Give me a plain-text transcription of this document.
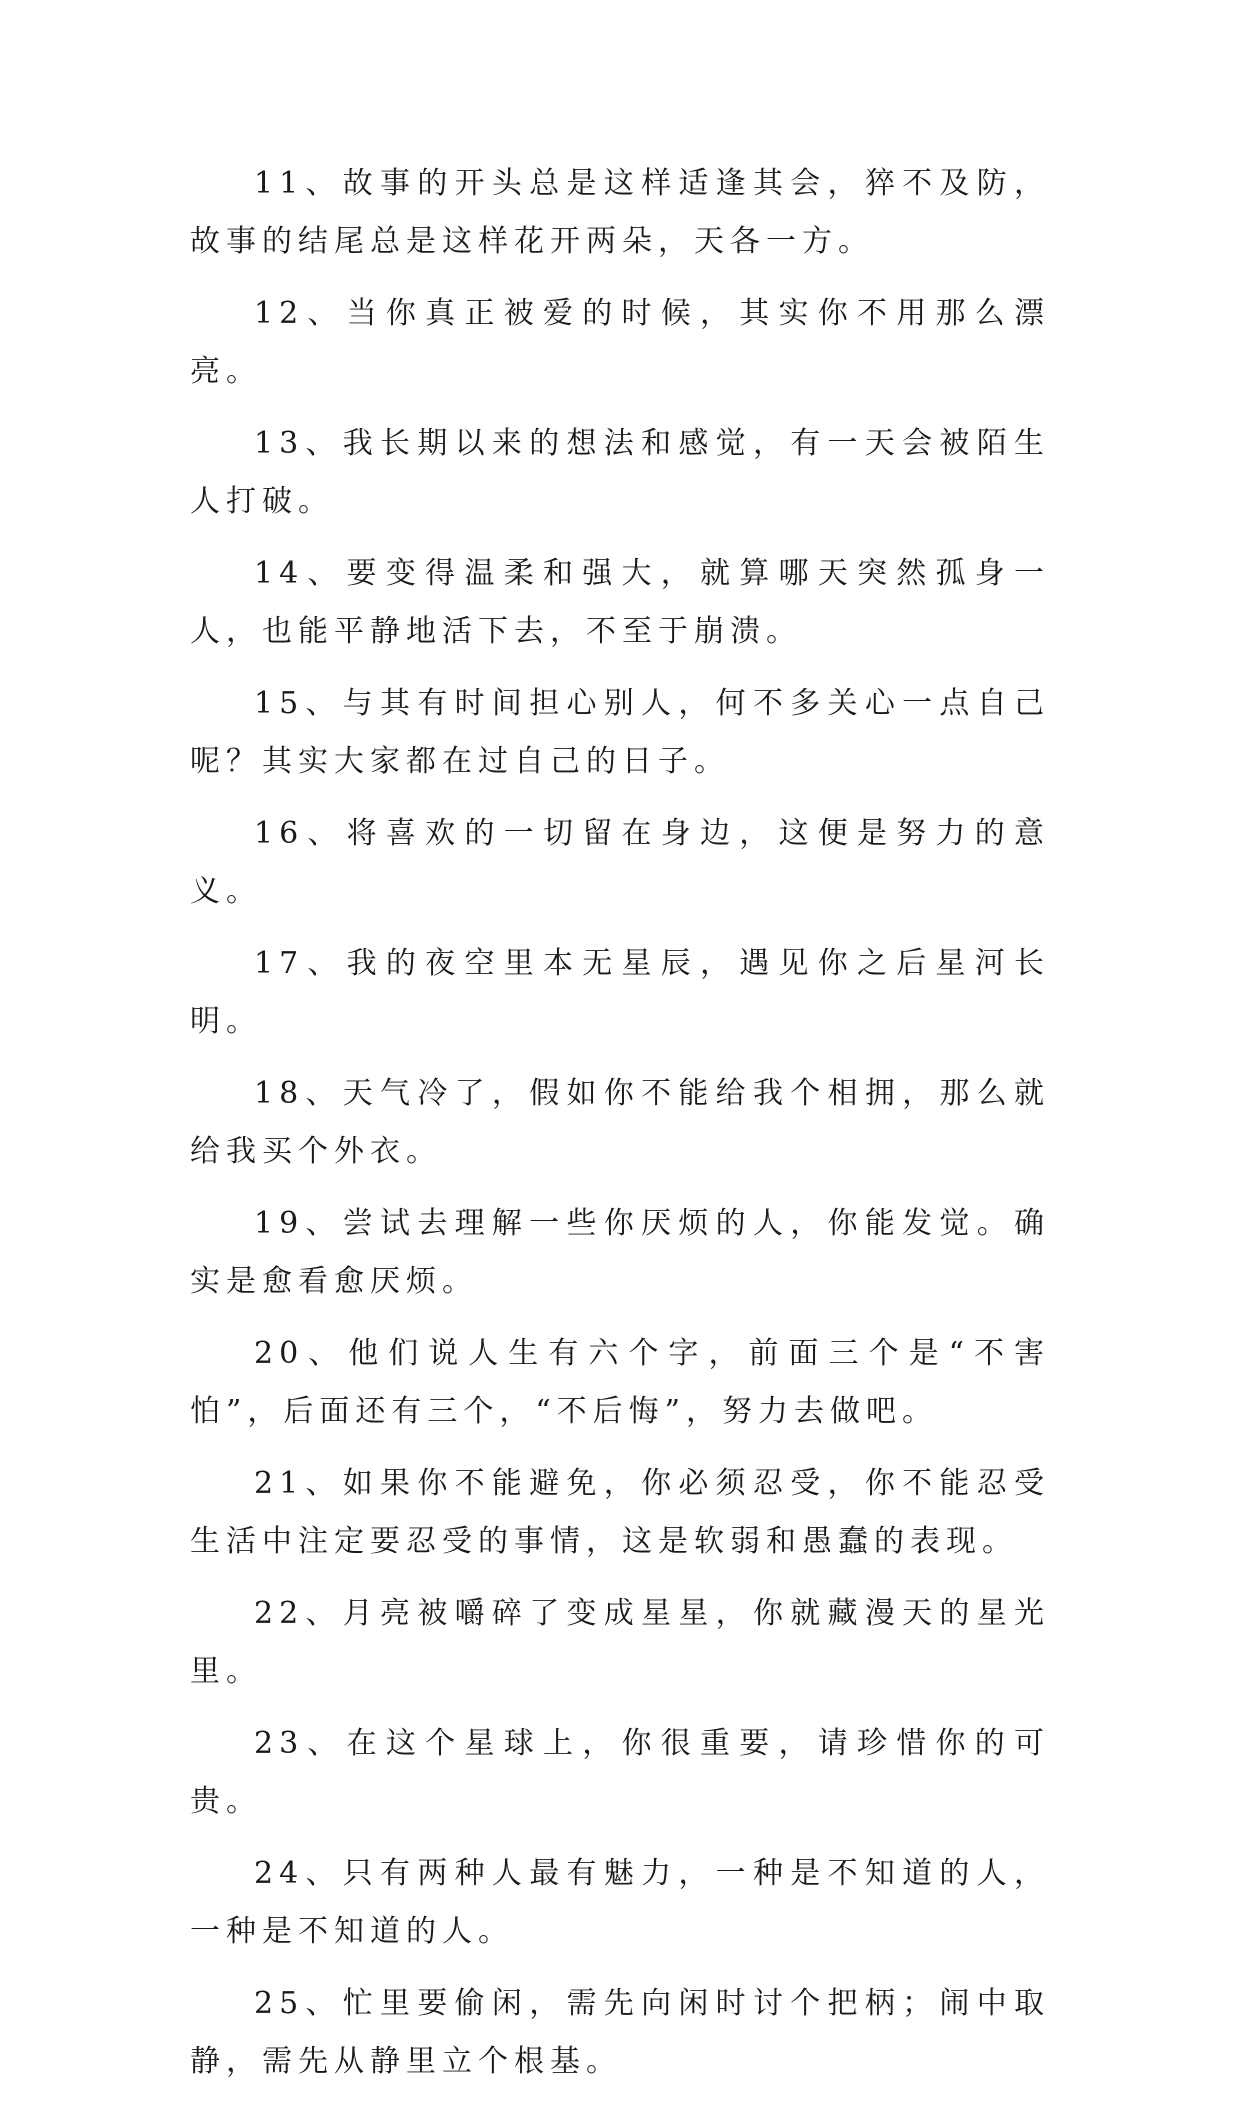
11、故事的开头总是这样适逢其会，猝不及防，故事的结尾总是这样花开两朵，天各一方。

12、当你真正被爱的时候，其实你不用那么漂亮。

13、我长期以来的想法和感觉，有一天会被陌生人打破。

14、要变得温柔和强大，就算哪天突然孤身一人，也能平静地活下去，不至于崩溃。

15、与其有时间担心别人，何不多关心一点自己呢？其实大家都在过自己的日子。

16、将喜欢的一切留在身边，这便是努力的意义。

17、我的夜空里本无星辰，遇见你之后星河长明。

18、天气冷了，假如你不能给我个相拥，那么就给我买个外衣。

19、尝试去理解一些你厌烦的人，你能发觉。确实是愈看愈厌烦。

20、他们说人生有六个字，前面三个是“不害怕”，后面还有三个，“不后悔”，努力去做吧。

21、如果你不能避免，你必须忍受，你不能忍受生活中注定要忍受的事情，这是软弱和愚蠢的表现。

22、月亮被嚼碎了变成星星，你就藏漫天的星光里。

23、在这个星球上，你很重要，请珍惜你的可贵。

24、只有两种人最有魅力，一种是不知道的人，一种是不知道的人。

25、忙里要偷闲，需先向闲时讨个把柄；闹中取静，需先从静里立个根基。
